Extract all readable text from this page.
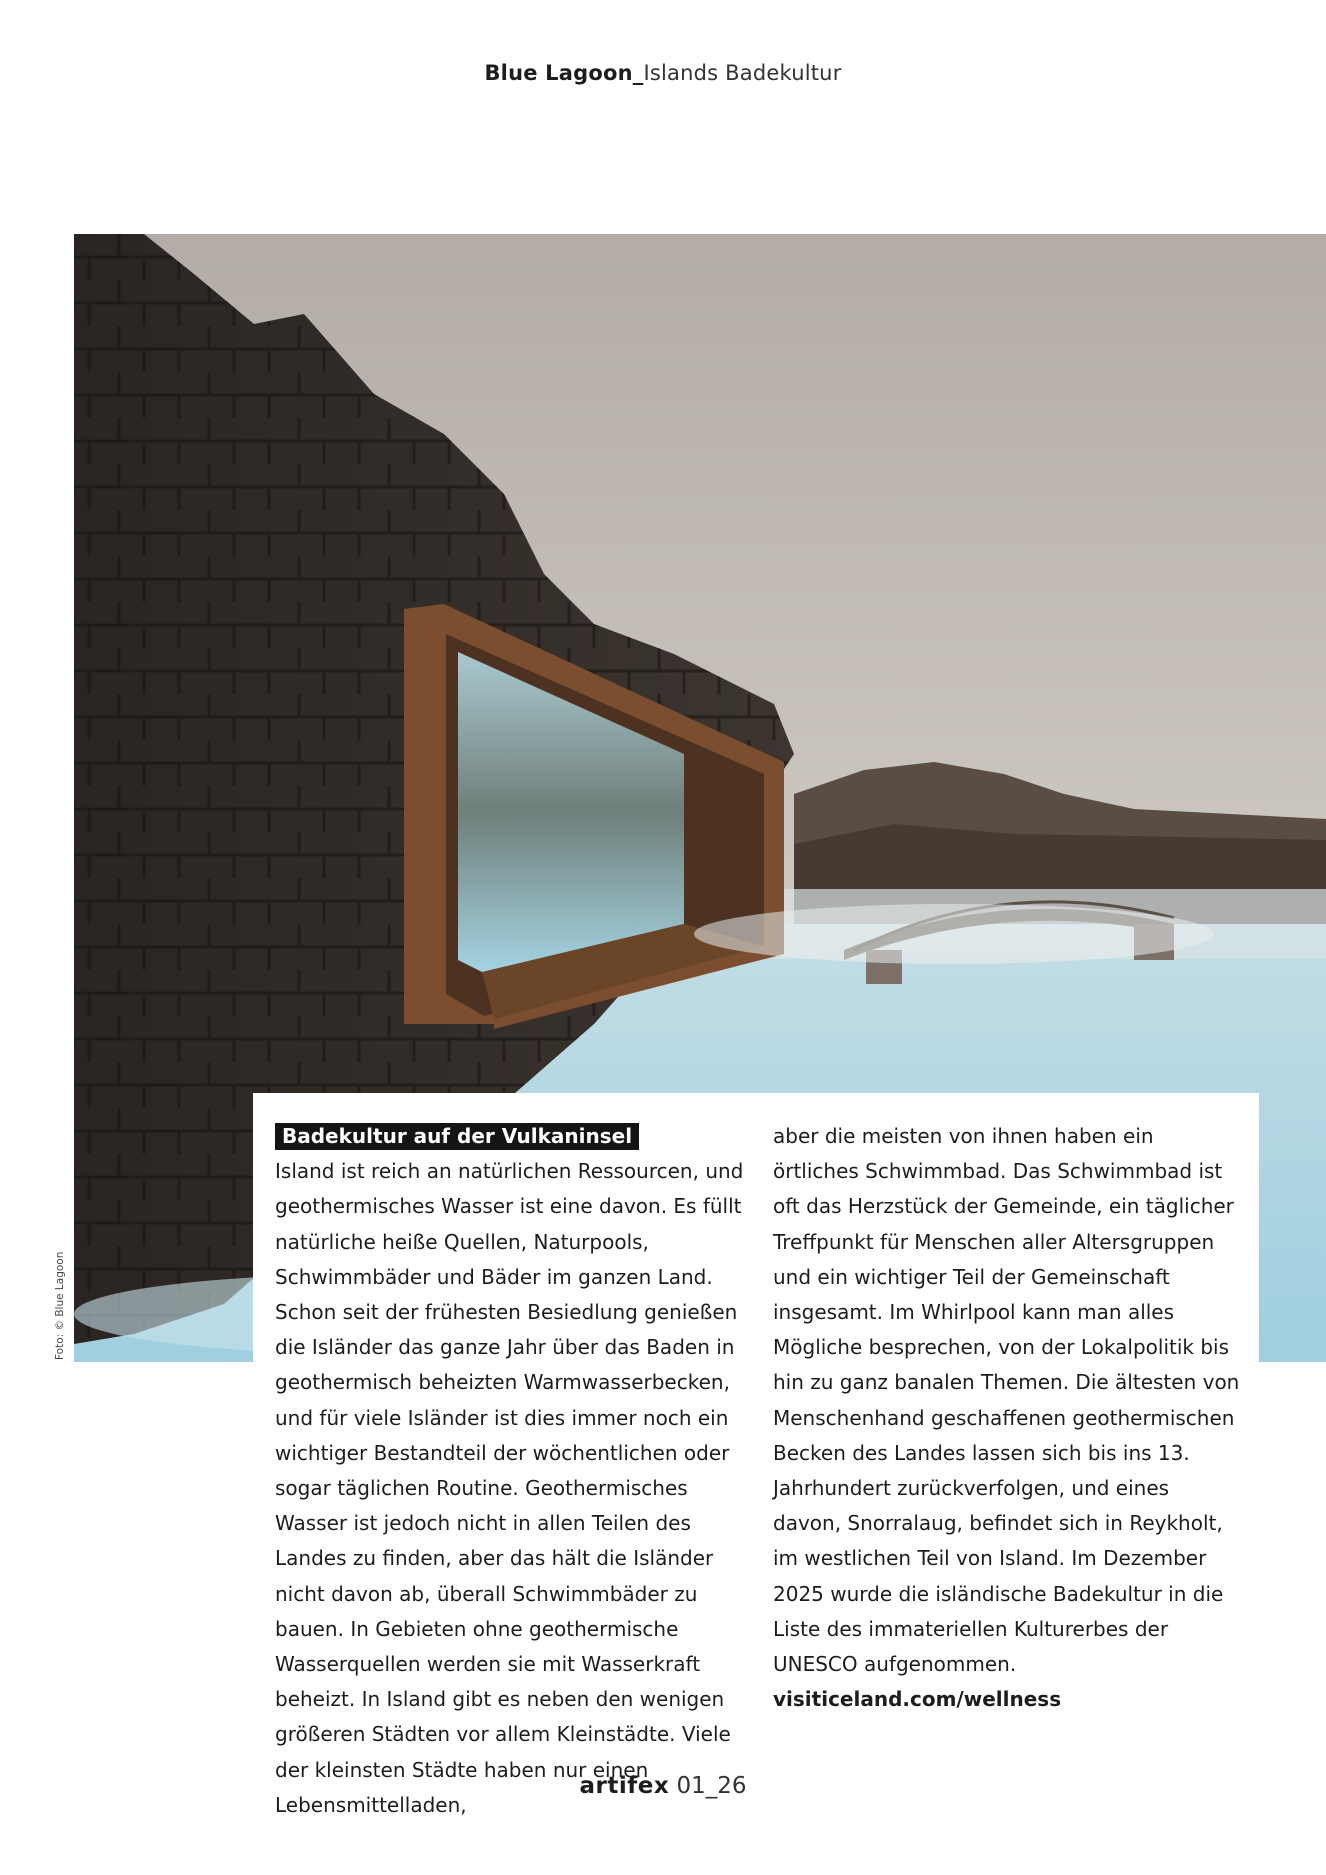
Blue Lagoon_Islands Badekultur
Foto: © Blue Lagoon
Badekultur auf der Vulkaninsel

Island ist reich an natürlichen Ressourcen, und geothermisches Wasser ist eine davon. Es füllt natürliche heiße Quellen, Naturpools, Schwimmbäder und Bäder im ganzen Land. Schon seit der frühesten Besiedlung genießen die Isländer das ganze Jahr über das Baden in geothermisch beheizten Warmwasserbecken, und für viele Isländer ist dies immer noch ein wichtiger Bestandteil der wöchentlichen oder sogar täglichen Routine. Geothermisches Wasser ist jedoch nicht in allen Teilen des Landes zu finden, aber das hält die Isländer nicht davon ab, überall Schwimmbäder zu bauen. In Gebieten ohne geothermische Wasserquellen werden sie mit Wasserkraft beheizt. In Island gibt es neben den wenigen größeren Städten vor allem Kleinstädte. Viele der kleinsten Städte haben nur einen Lebensmittelladen,

aber die meisten von ihnen haben ein örtliches Schwimmbad. Das Schwimmbad ist oft das Herzstück der Gemeinde, ein täglicher Treffpunkt für Menschen aller Altersgruppen und ein wichtiger Teil der Gemeinschaft insgesamt. Im Whirlpool kann man alles Mögliche besprechen, von der Lokalpolitik bis hin zu ganz banalen Themen. Die ältesten von Menschenhand geschaffenen geothermischen Becken des Landes lassen sich bis ins 13. Jahrhundert zurückverfolgen, und eines davon, Snorralaug, befindet sich in Reykholt, im westlichen Teil von Island. Im Dezember 2025 wurde die isländische Badekultur in die Liste des immateriellen Kulturerbes der UNESCO aufgenommen.

visiticeland.com/wellness

artifex 01_26
